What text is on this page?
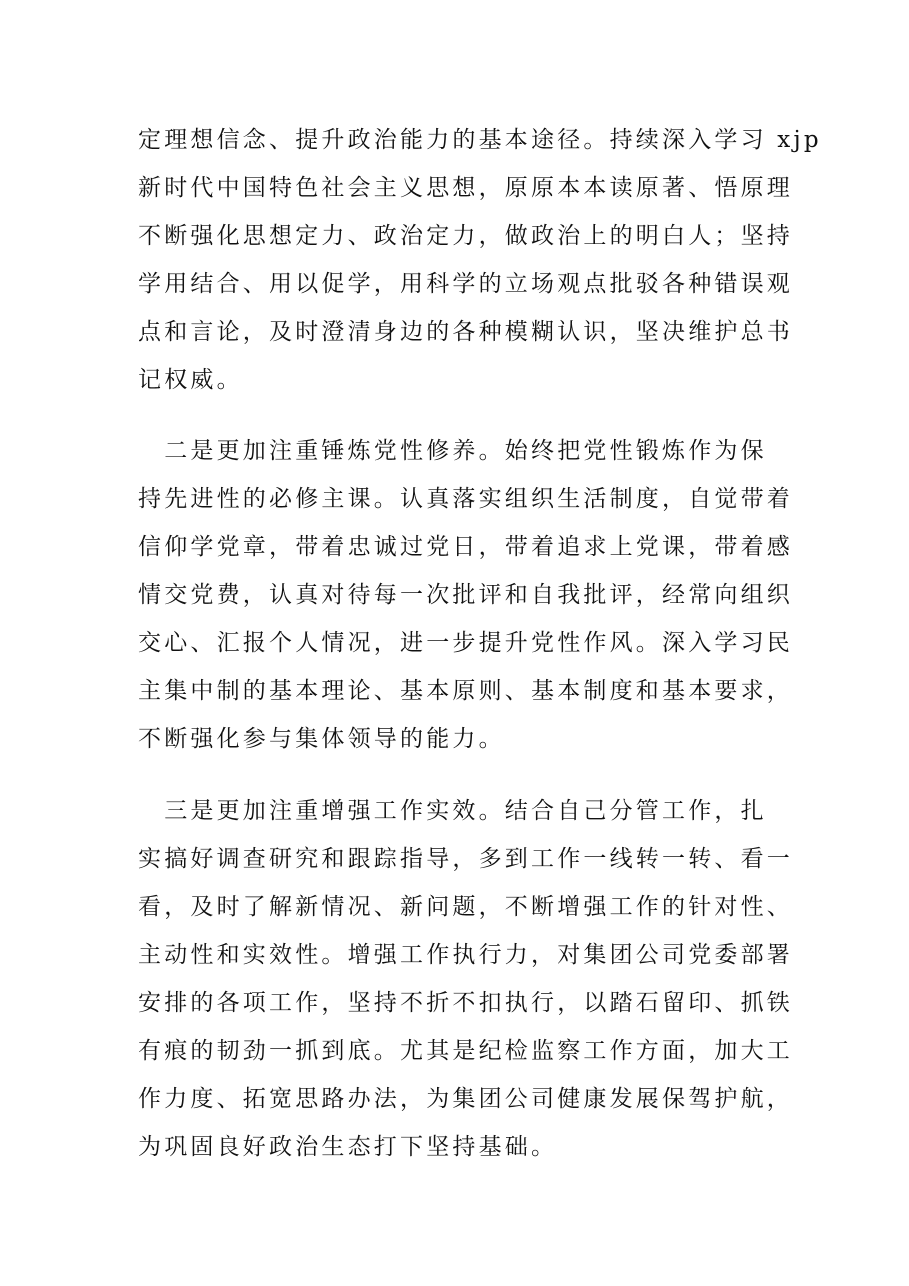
定理想信念、提升政治能力的基本途径。持续深入学习 xjp
新时代中国特色社会主义思想，原原本本读原著、悟原理
不断强化思想定力、政治定力，做政治上的明白人；坚持
学用结合、用以促学，用科学的立场观点批驳各种错误观
点和言论，及时澄清身边的各种模糊认识，坚决维护总书
记权威。
　二是更加注重锤炼党性修养。始终把党性锻炼作为保
持先进性的必修主课。认真落实组织生活制度，自觉带着
信仰学党章，带着忠诚过党日，带着追求上党课，带着感
情交党费，认真对待每一次批评和自我批评，经常向组织
交心、汇报个人情况，进一步提升党性作风。深入学习民
主集中制的基本理论、基本原则、基本制度和基本要求，
不断强化参与集体领导的能力。
　三是更加注重增强工作实效。结合自己分管工作，扎
实搞好调查研究和跟踪指导，多到工作一线转一转、看一
看，及时了解新情况、新问题，不断增强工作的针对性、
主动性和实效性。增强工作执行力，对集团公司党委部署
安排的各项工作，坚持不折不扣执行，以踏石留印、抓铁
有痕的韧劲一抓到底。尤其是纪检监察工作方面，加大工
作力度、拓宽思路办法，为集团公司健康发展保驾护航，
为巩固良好政治生态打下坚持基础。
